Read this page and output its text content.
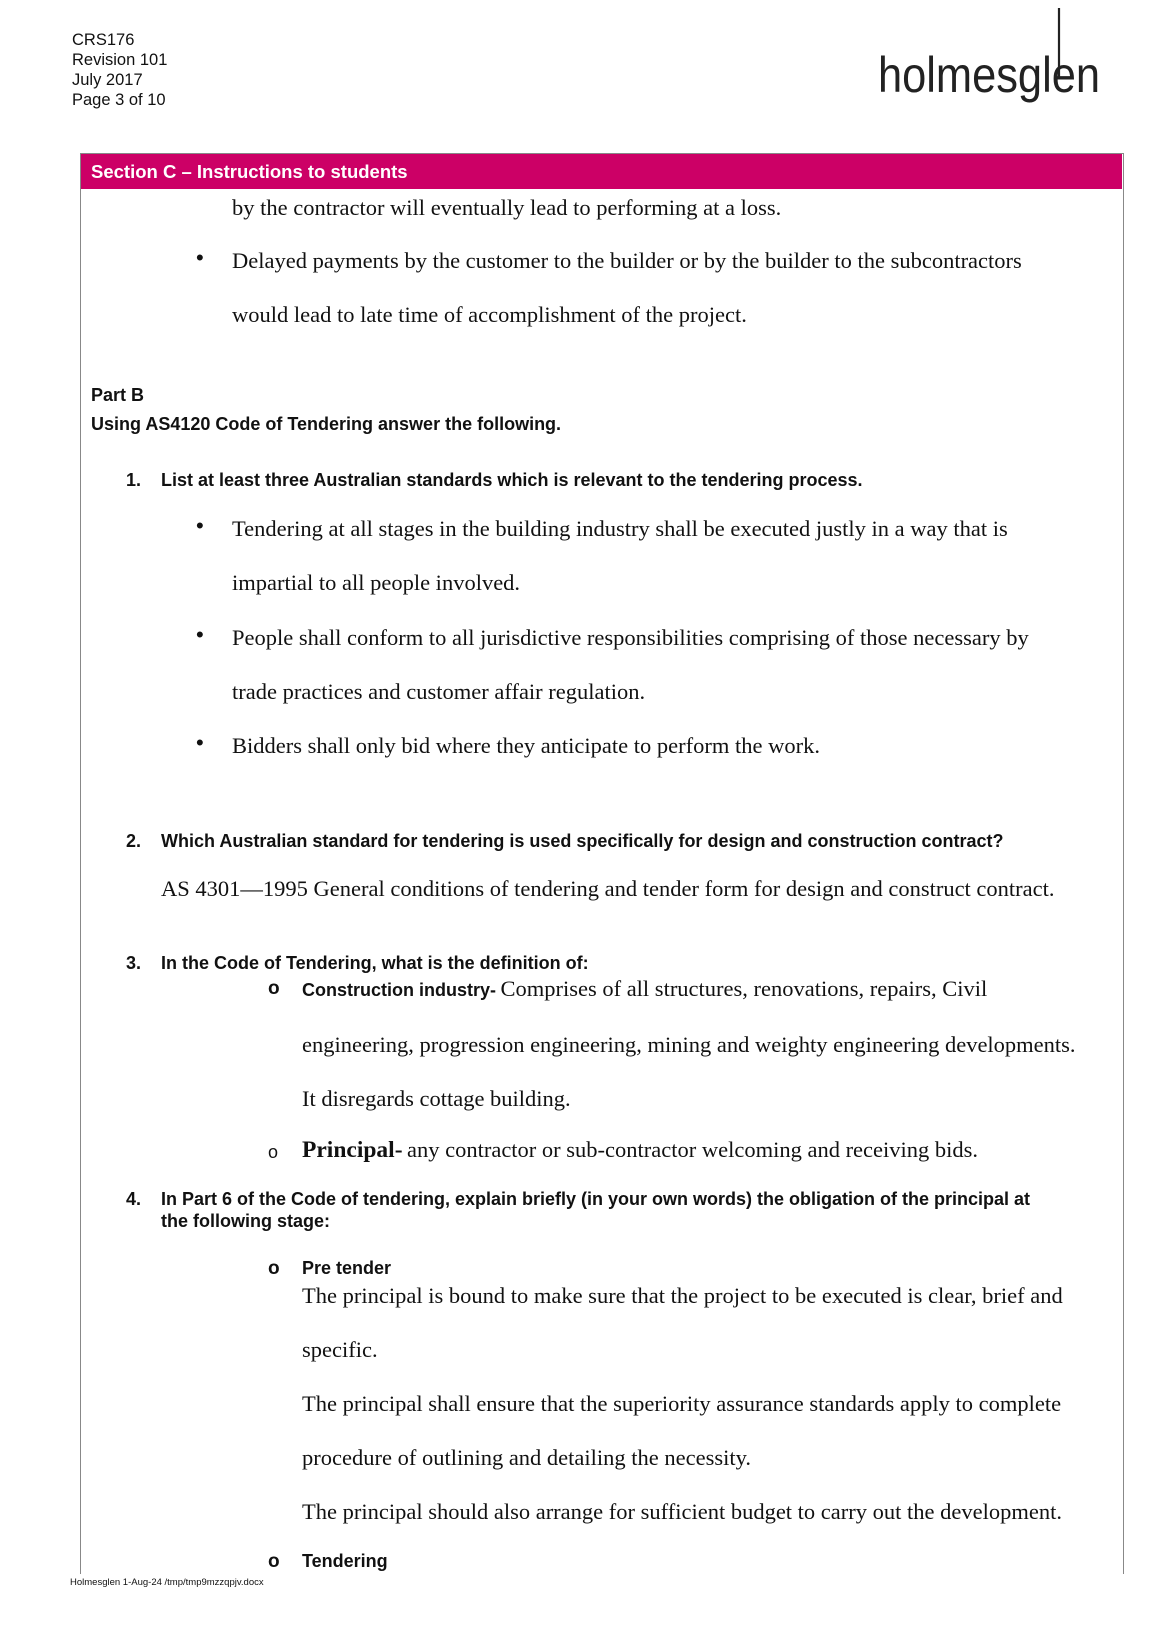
CRS176
Revision 101
July 2017
Page 3 of 10	holmesglen
Section C – Instructions to students
by the contractor will eventually lead to performing at a loss.
• Delayed payments by the customer to the builder or by the builder to the subcontractors
would lead to late time of accomplishment of the project.
Part B
Using AS4120 Code of Tendering answer the following.
1. List at least three Australian standards which is relevant to the tendering process.
• Tendering at all stages in the building industry shall be executed justly in a way that is
impartial to all people involved.
• People shall conform to all jurisdictive responsibilities comprising of those necessary by
trade practices and customer affair regulation.
• Bidders shall only bid where they anticipate to perform the work.
2. Which Australian standard for tendering is used specifically for design and construction contract?
AS 4301—1995 General conditions of tendering and tender form for design and construct contract.
3. In the Code of Tendering, what is the definition of:
o Construction industry- Comprises of all structures, renovations, repairs, Civil
engineering, progression engineering, mining and weighty engineering developments.
It disregards cottage building.
o Principal- any contractor or sub-contractor welcoming and receiving bids.
4. In Part 6 of the Code of tendering, explain briefly (in your own words) the obligation of the principal at
the following stage:
o Pre tender
The principal is bound to make sure that the project to be executed is clear, brief and
specific.
The principal shall ensure that the superiority assurance standards apply to complete
procedure of outlining and detailing the necessity.
The principal should also arrange for sufficient budget to carry out the development.
o Tendering
Holmesglen 1-Aug-24 /tmp/tmp9mzzqpjv.docx
